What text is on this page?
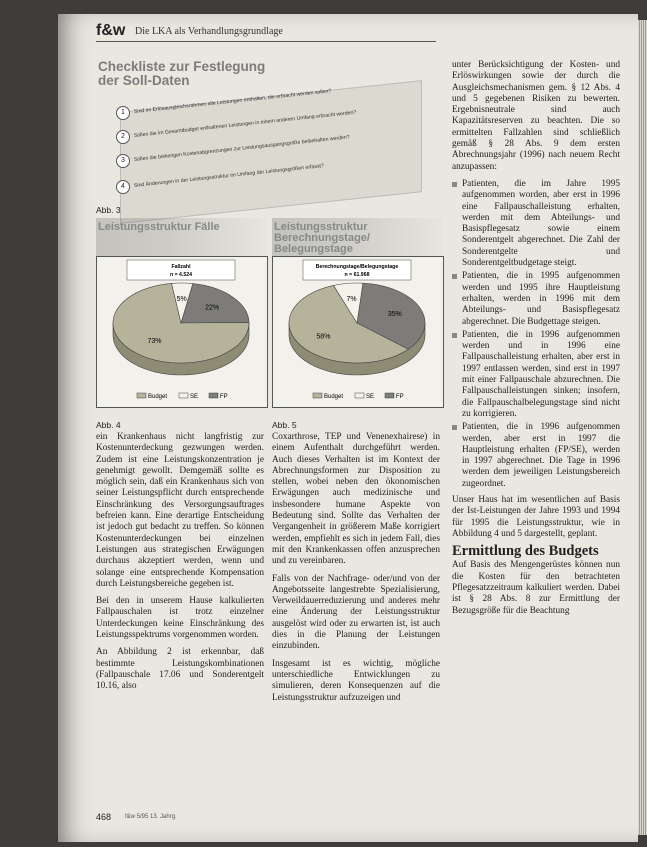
f&w Die LKA als Verhandlungsgrundlage
Checkliste zur Festlegung
der Soll-Daten
1	Sind im Erlösausgleichsrahmen alle Leistungen enthalten, die erbracht werden sollen?
2	Sollen die im Gesamtbudget enthaltenen Leistungen in einem anderen Umfang erbracht werden?
3	Sollen die bisherigen Kostenabgrenzungen zur Leistungsausgangsgröße beibehalten werden?
4	Sind Änderungen in der Leistungsstruktur im Umfang der Leistungsgrößen erfasst?
Abb. 3
Leistungsstruktur Fälle
Fallzahl
n = 4.524
22%
73%
5%
Budget	SE	FP
Abb. 4
Leistungsstruktur Berechnungstage/ Belegungstage
Berechnungstage/Belegungstage
n = 61.968
35%
58%
7%
Budget	SE	FP
Abb. 5

ein Krankenhaus nicht langfristig zur Kostenunterdeckung gezwungen werden. Zudem ist eine Leistungskonzentration je genehmigt gewollt. Demgemäß sollte es möglich sein, daß ein Krankenhaus sich von seiner Leistungspflicht durch entsprechende Einschränkung des Versorgungsauftrages befreien kann. Eine derartige Entscheidung ist jedoch gut bedacht zu treffen. So können Kostenunterdeckungen bei einzelnen Leistungen aus strategischen Erwägungen durchaus akzeptiert werden, wenn und solange eine entsprechende Kompensation durch Leistungsbereiche gegeben ist.

Bei den in unserem Hause kalkulierten Fallpauschalen ist trotz einzelner Unterdeckungen keine Einschränkung des Leistungsspektrums vorgenommen worden.

An Abbildung 2 ist erkennbar, daß bestimmte Leistungskombinationen (Fallpauschale 17.06 und Sonderentgelt 10.16, also

Coxarthrose, TEP und Venenexhairese) in einem Aufenthalt durchgeführt werden. Auch dieses Verhalten ist im Kontext der Abrechnungsformen zur Disposition zu stellen, wobei neben den ökonomischen Erwägungen auch medizinische und insbesondere humane Aspekte von Bedeutung sind. Sollte das Verhalten der Vergangenheit in größerem Maße korrigiert werden, empfiehlt es sich in jedem Fall, dies mit den Krankenkassen offen anzusprechen und zu vereinbaren.

Falls von der Nachfrage- oder/und von der Angebotsseite langestrebte Spezialisierung, Verweildauerreduzierung und anderes mehr eine Änderung der Leistungsstruktur ausgelöst wird oder zu erwarten ist, ist auch dies in die Planung der Leistungen einzubinden.

Insgesamt ist es wichtig, mögliche unterschiedliche Entwicklungen zu simulieren, deren Konsequenzen auf die Leistungsstruktur aufzuzeigen und

unter Berücksichtigung der Kosten- und Erlöswirkungen sowie der durch die Ausgleichsmechanismen gem. § 12 Abs. 4 und 5 gegebenen Risiken zu bewerten. Ergebnisneutrale sind auch Kapazitätsreserven zu beachten. Die so ermittelten Fallzahlen sind schließlich gemäß § 28 Abs. 9 dem ersten Abrechnungsjahr (1996) nach neuem Recht anzupassen:

Patienten, die im Jahre 1995 aufgenommen worden, aber erst in 1996 eine Fallpauschalleistung erhalten, werden mit dem Abteilungs- und Basispflegesatz sowie einem Sonderentgelt abgerechnet. Die Zahl der Sonderentgelte und Sonderentgeltbudgetage steigt.
Patienten, die in 1995 aufgenommen werden und 1995 ihre Hauptleistung erhalten, werden in 1996 mit dem Abteilungs- und Basispflegesatz abgerechnet. Die Budgettage steigen.
Patienten, die in 1996 aufgenommen werden und in 1996 eine Fallpauschalleistung erhalten, aber erst in 1997 entlassen werden, sind erst in 1997 mit einer Fallpauschale abzurechnen. Die Fallpauschalleistungen sinken; insofern, die Fallpauschalbelegungstage sind nicht zu korrigieren.
Patienten, die in 1996 aufgenommen werden, aber erst in 1997 die Hauptleistung erhalten (FP/SE), werden in 1997 abgerechnet. Die Tage in 1996 werden dem jeweiligen Leistungsbereich zugeordnet.

Unser Haus hat im wesentlichen auf Basis der Ist-Leistungen der Jahre 1993 und 1994 für 1995 die Leistungsstruktur, wie in Abbildung 4 und 5 dargestellt, geplant.

Ermittlung des Budgets

Auf Basis des Mengengerüstes können nun die Kosten für den betrachteten Pflegesatzzeitraum kalkuliert werden. Dabei ist § 28 Abs. 8 zur Ermittlung der Bezugsgröße für die Beachtung

468 f&w 5/95 13. Jahrg.
